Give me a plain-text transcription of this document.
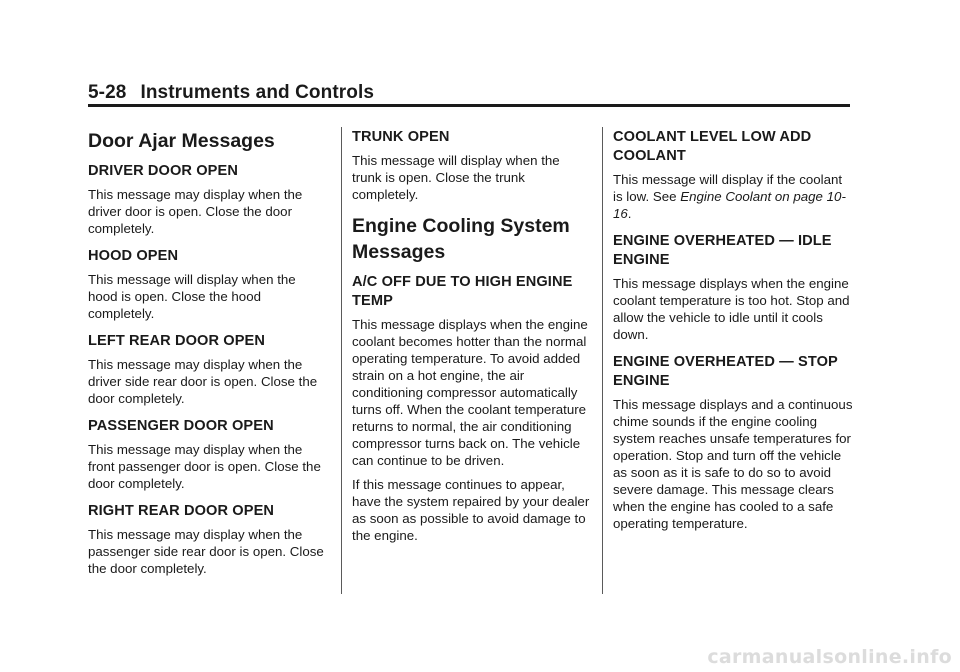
5-28 Instruments and Controls
Door Ajar Messages
DRIVER DOOR OPEN

This message may display when the driver door is open. Close the door completely.

HOOD OPEN

This message will display when the hood is open. Close the hood completely.

LEFT REAR DOOR OPEN

This message may display when the driver side rear door is open. Close the door completely.

PASSENGER DOOR OPEN

This message may display when the front passenger door is open. Close the door completely.

RIGHT REAR DOOR OPEN

This message may display when the passenger side rear door is open. Close the door completely.

TRUNK OPEN

This message will display when the trunk is open. Close the trunk completely.

Engine Cooling System Messages
A/C OFF DUE TO HIGH ENGINE TEMP

This message displays when the engine coolant becomes hotter than the normal operating temperature. To avoid added strain on a hot engine, the air conditioning compressor automatically turns off. When the coolant temperature returns to normal, the air conditioning compressor turns back on. The vehicle can continue to be driven.

If this message continues to appear, have the system repaired by your dealer as soon as possible to avoid damage to the engine.

COOLANT LEVEL LOW ADD COOLANT

This message will display if the coolant is low. See Engine Coolant on page 10-16.

ENGINE OVERHEATED — IDLE ENGINE

This message displays when the engine coolant temperature is too hot. Stop and allow the vehicle to idle until it cools down.

ENGINE OVERHEATED — STOP ENGINE

This message displays and a continuous chime sounds if the engine cooling system reaches unsafe temperatures for operation. Stop and turn off the vehicle as soon as it is safe to do so to avoid severe damage. This message clears when the engine has cooled to a safe operating temperature.

carmanualsonline.info
